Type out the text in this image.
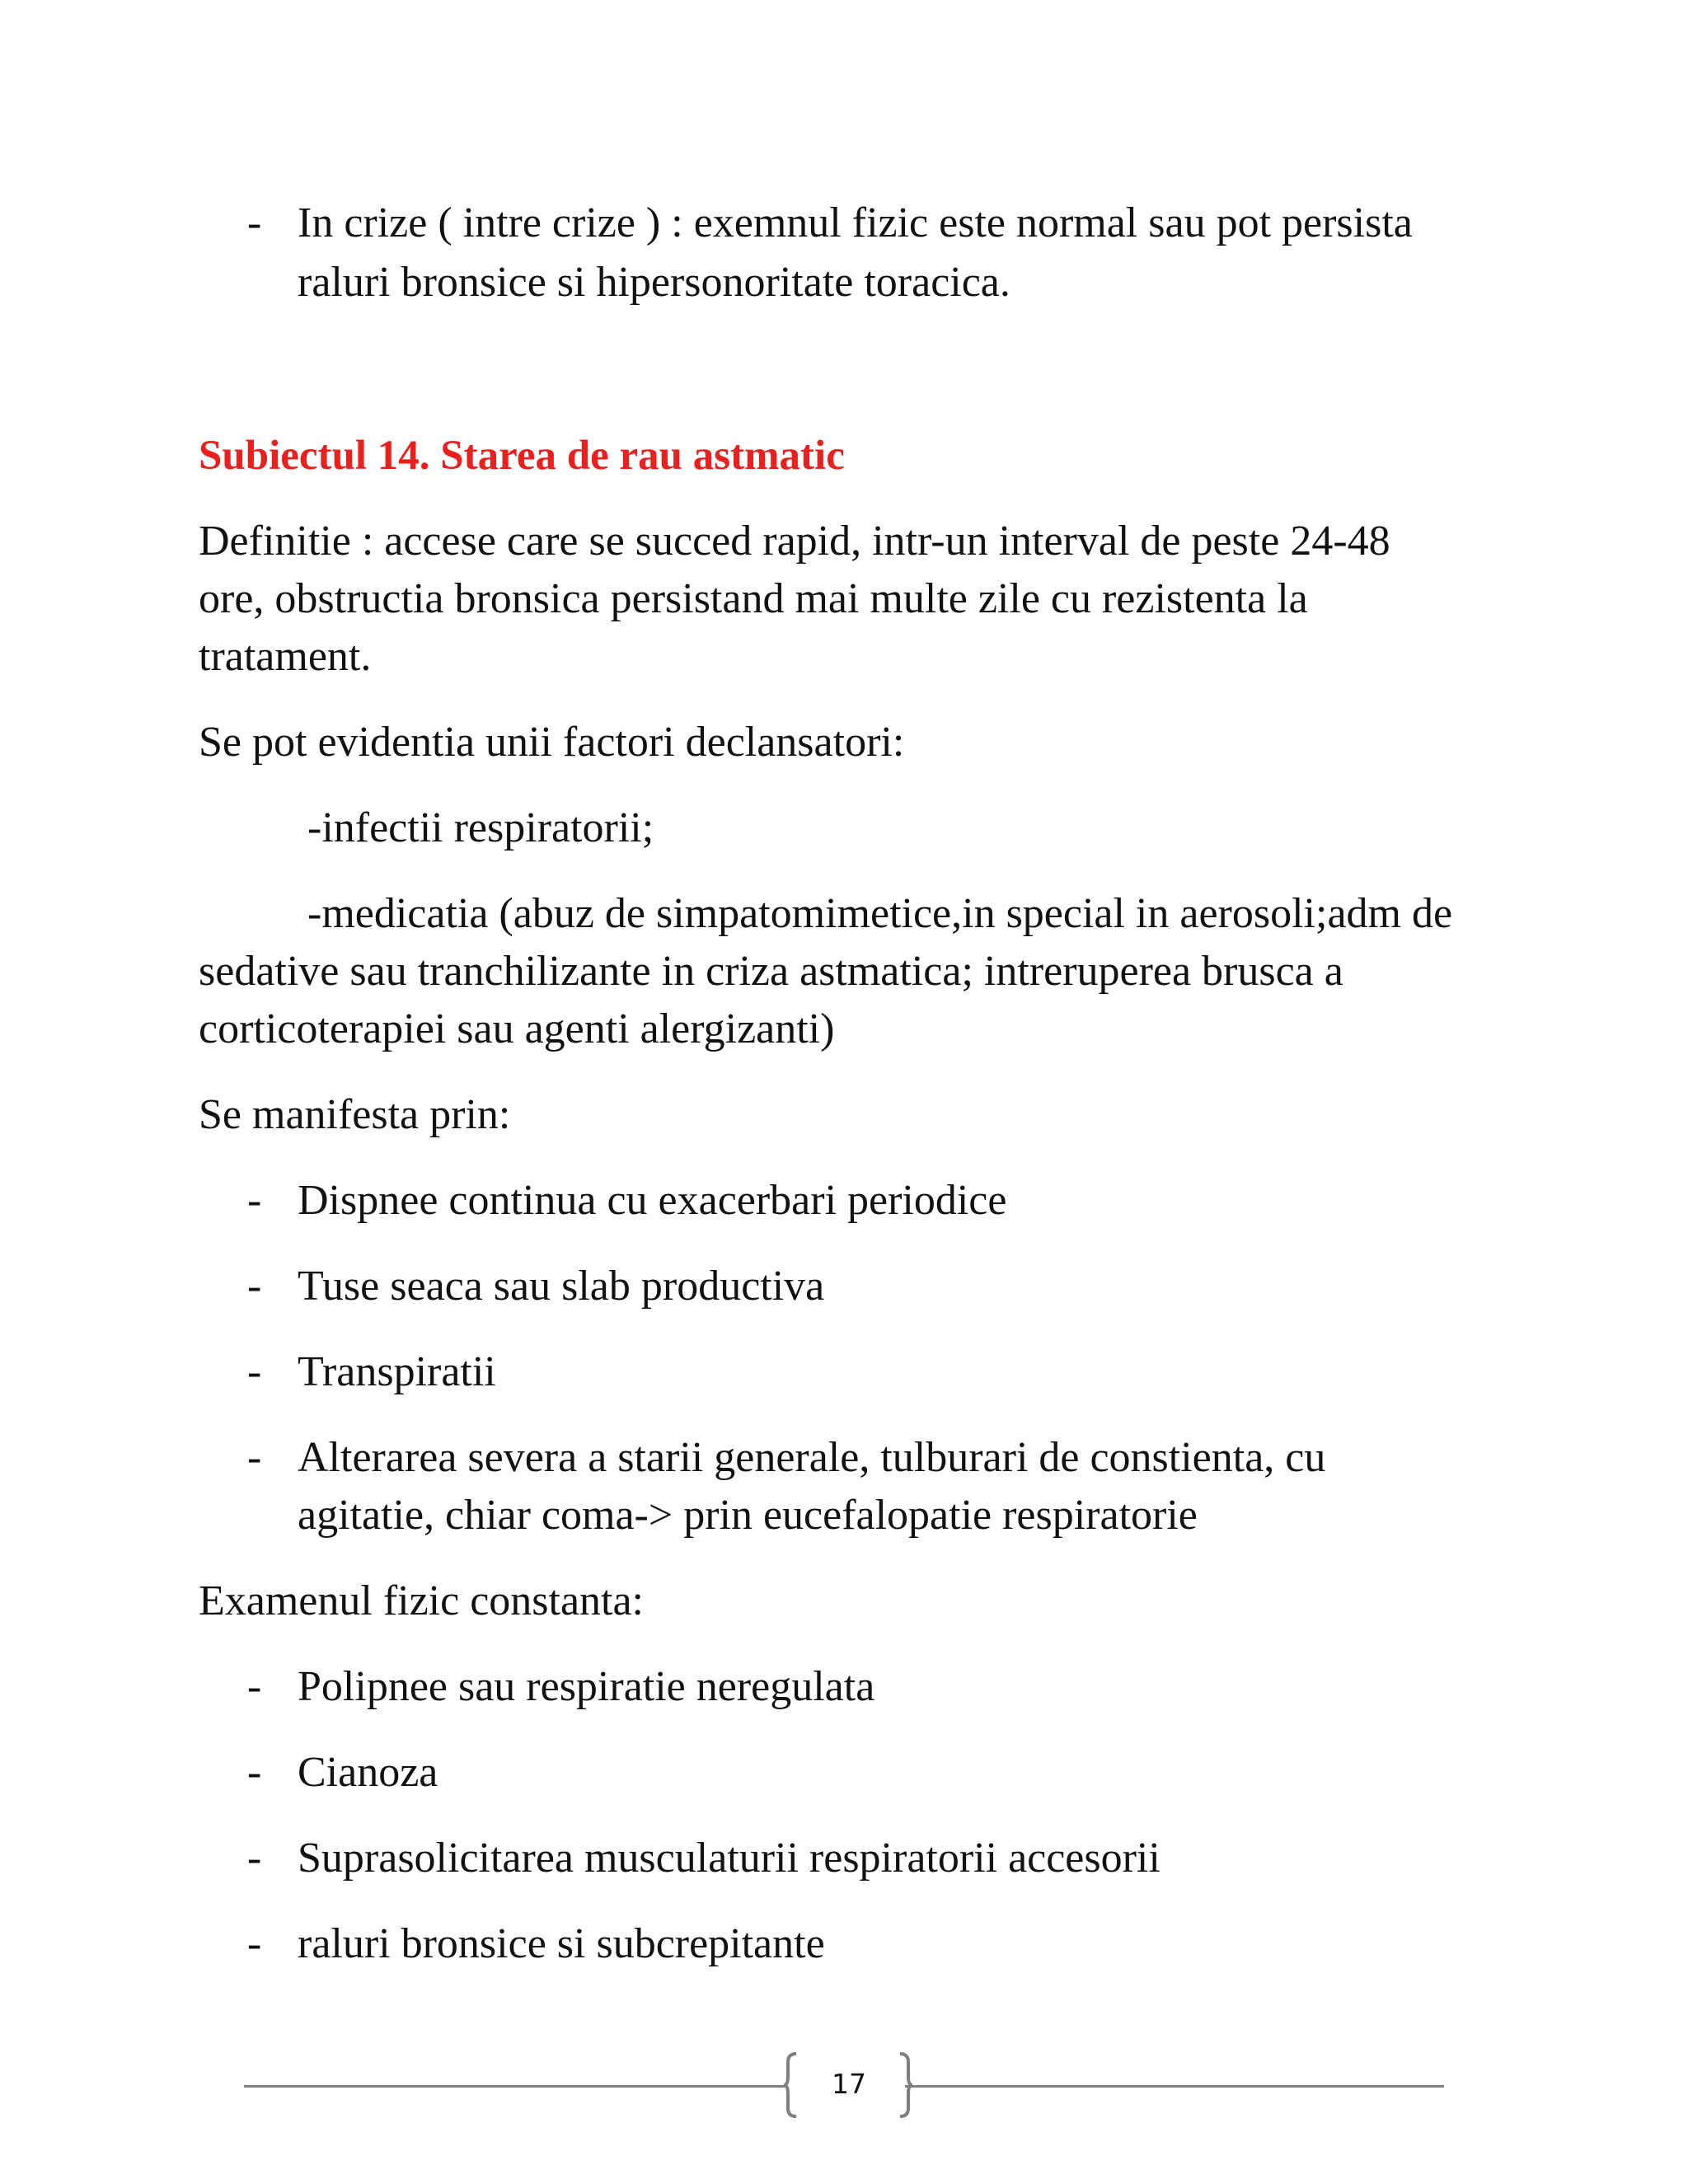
- In crize ( intre crize ) : exemnul fizic este normal sau pot persista
raluri bronsice si hipersonoritate toracica.
Subiectul 14. Starea de rau astmatic
Definitie : accese care se succed rapid, intr-un interval de peste 24-48
ore, obstructia bronsica persistand mai multe zile cu rezistenta la
tratament.
Se pot evidentia unii factori declansatori:
-infectii respiratorii;
-medicatia (abuz de simpatomimetice,in special in aerosoli;adm de
sedative sau tranchilizante in criza astmatica; intreruperea brusca a
corticoterapiei sau agenti alergizanti)
Se manifesta prin:
- Dispnee continua cu exacerbari periodice
- Tuse seaca sau slab productiva
- Transpiratii
- Alterarea severa a starii generale, tulburari de constienta, cu
agitatie, chiar coma-> prin eucefalopatie respiratorie
Examenul fizic constanta:
- Polipnee sau respiratie neregulata
- Cianoza
- Suprasolicitarea musculaturii respiratorii accesorii
- raluri bronsice si subcrepitante
17
